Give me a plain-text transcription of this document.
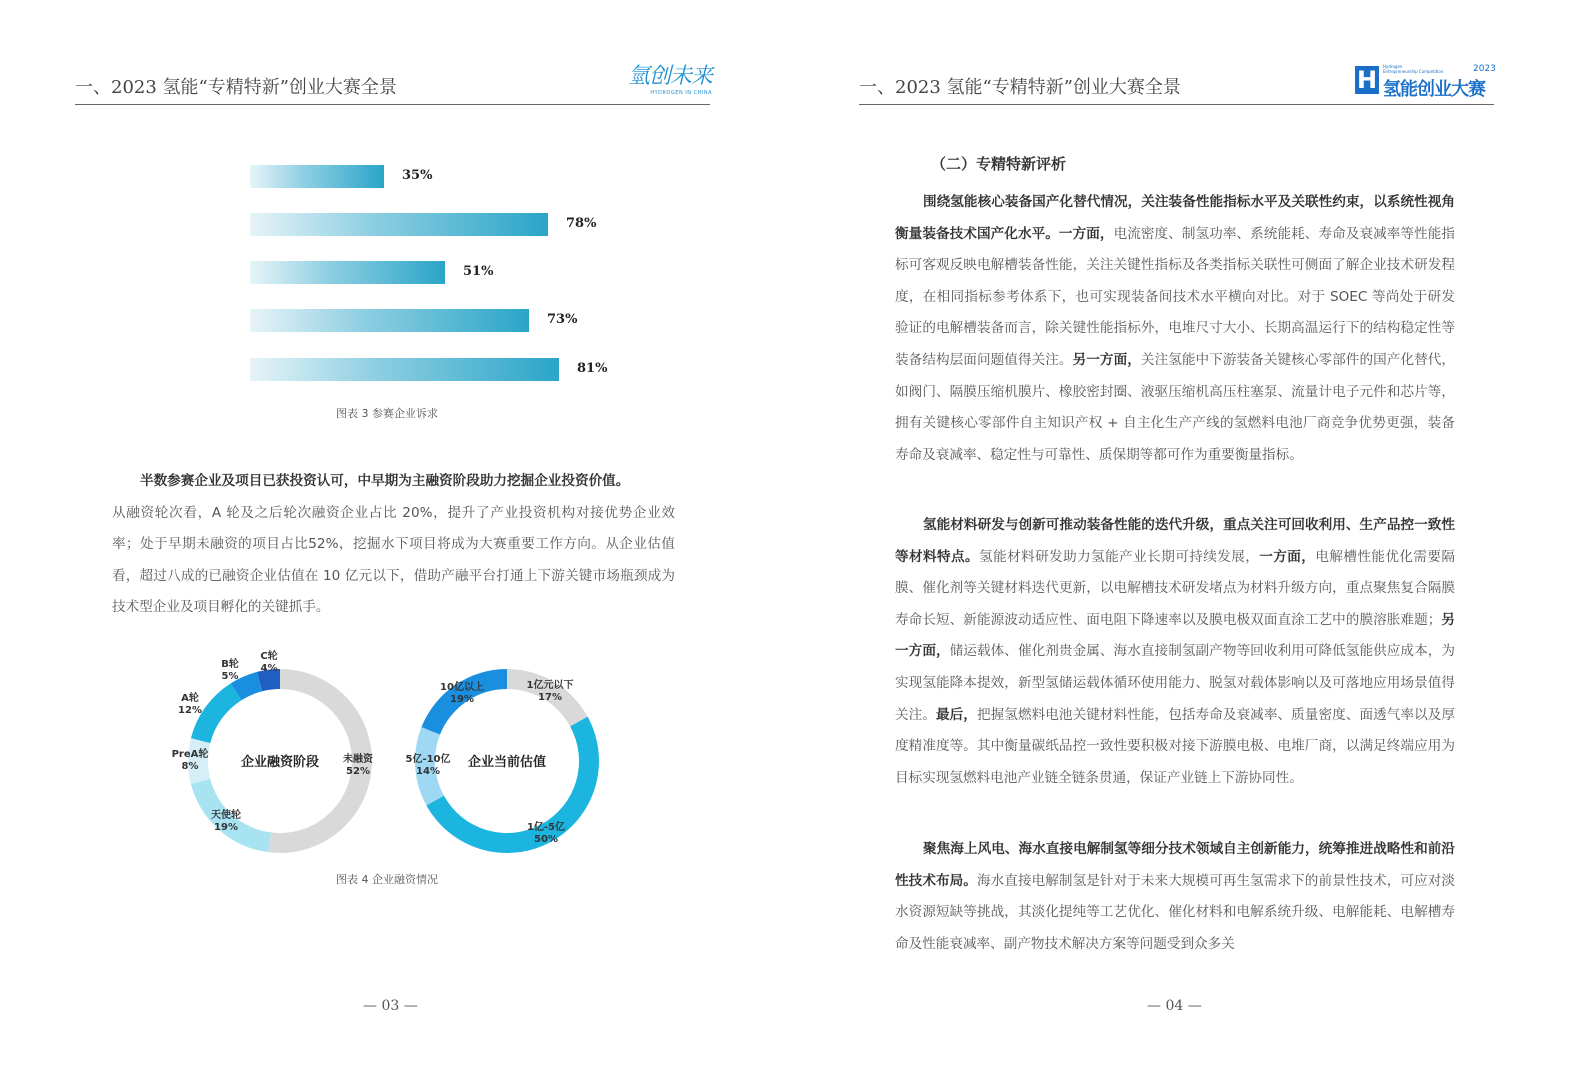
一、2023 氢能“专精特新”创业大赛全景	氫创未来
HYDROGEN IN CHINA
35%
78%
51%
73%
81%
图表 3 参赛企业诉求
半数参赛企业及项目已获投资认可，中早期为主融资阶段助力挖掘企业投资价值。
从融资轮次看，A 轮及之后轮次融资企业占比 20%，提升了产业投资机构对接优势企业效率；处于早期未融资的项目占比52%，挖掘水下项目将成为大赛重要工作方向。从企业估值看，超过八成的已融资企业估值在 10 亿元以下，借助产融平台打通上下游关键市场瓶颈成为技术型企业及项目孵化的关键抓手。
未融资
52%
天使轮
19%
PreA轮
8%
A轮
12%
B轮
5%
C轮
4%
企业融资阶段
1亿元以下
17%
1亿-5亿
50%
5亿-10亿
14%
10亿以上
19%
企业当前估值
图表 4 企业融资情况
— 03 —
一、2023 氢能“专精特新”创业大赛全景	H	Hydrogen
Entrepreneurship Competition	2023
氢能创业大赛
（二）专精特新评析
围绕氢能核心装备国产化替代情况，关注装备性能指标水平及关联性约束，以系统性视角衡量装备技术国产化水平。一方面，电流密度、制氢功率、系统能耗、寿命及衰减率等性能指标可客观反映电解槽装备性能，关注关键性指标及各类指标关联性可侧面了解企业技术研发程度，在相同指标参考体系下，也可实现装备间技术水平横向对比。对于 SOEC 等尚处于研发验证的电解槽装备而言，除关键性能指标外，电堆尺寸大小、长期高温运行下的结构稳定性等装备结构层面问题值得关注。另一方面，关注氢能中下游装备关键核心零部件的国产化替代，如阀门、隔膜压缩机膜片、橡胶密封圈、液驱压缩机高压柱塞泵、流量计电子元件和芯片等，拥有关键核心零部件自主知识产权 + 自主化生产产线的氢燃料电池厂商竞争优势更强，装备寿命及衰减率、稳定性与可靠性、质保期等都可作为重要衡量指标。
氢能材料研发与创新可推动装备性能的迭代升级，重点关注可回收利用、生产品控一致性等材料特点。氢能材料研发助力氢能产业长期可持续发展，一方面，电解槽性能优化需要隔膜、催化剂等关键材料迭代更新，以电解槽技术研发堵点为材料升级方向，重点聚焦复合隔膜寿命长短、新能源波动适应性、面电阻下降速率以及膜电极双面直涂工艺中的膜溶胀难题；另一方面，储运载体、催化剂贵金属、海水直接制氢副产物等回收利用可降低氢能供应成本，为实现氢能降本提效，新型氢储运载体循环使用能力、脱氢对载体影响以及可落地应用场景值得关注。最后，把握氢燃料电池关键材料性能，包括寿命及衰减率、质量密度、面透气率以及厚度精准度等。其中衡量碳纸品控一致性要积极对接下游膜电极、电堆厂商，以满足终端应用为目标实现氢燃料电池产业链全链条贯通，保证产业链上下游协同性。
聚焦海上风电、海水直接电解制氢等细分技术领域自主创新能力，统筹推进战略性和前沿性技术布局。海水直接电解制氢是针对于未来大规模可再生氢需求下的前景性技术，可应对淡水资源短缺等挑战，其淡化提纯等工艺优化、催化材料和电解系统升级、电解能耗、电解槽寿命及性能衰减率、副产物技术解决方案等问题受到众多关
— 04 —
